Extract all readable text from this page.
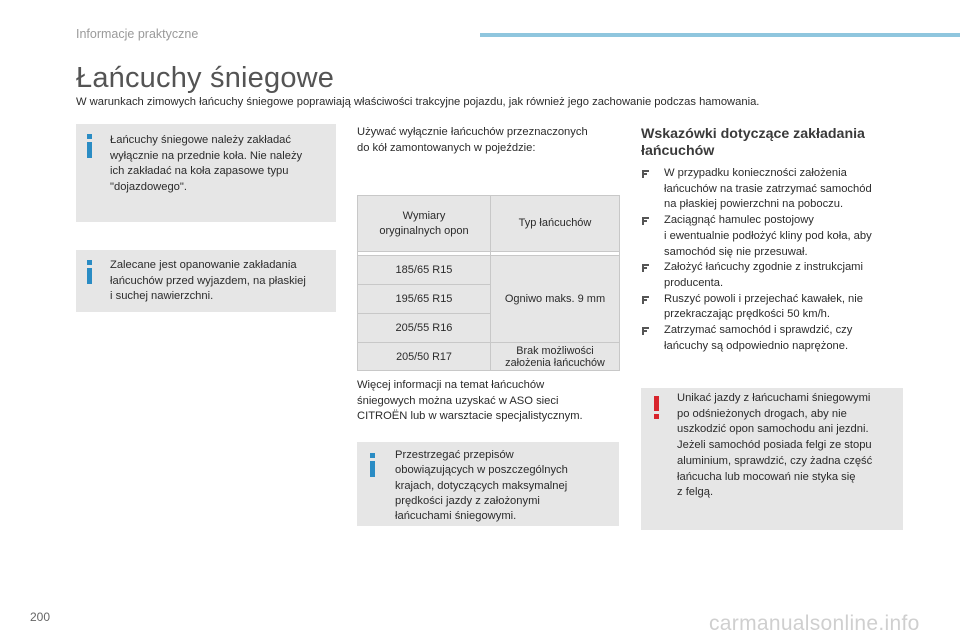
Informacje praktyczne
Łańcuchy śniegowe
W warunkach zimowych łańcuchy śniegowe poprawiają właściwości trakcyjne pojazdu, jak również jego zachowanie podczas hamowania.
Łańcuchy śniegowe należy zakładać
wyłącznie na przednie koła. Nie należy
ich zakładać na koła zapasowe typu
"dojazdowego".
Zalecane jest opanowanie zakładania
łańcuchów przed wyjazdem, na płaskiej
i suchej nawierzchni.
Używać wyłącznie łańcuchów przeznaczonych
do kół zamontowanych w pojeździe:
Wymiary
oryginalnych opon	Typ łańcuchów

185/65 R15	Ogniwo maks. 9 mm
195/65 R15	
205/55 R16	
205/50 R17	Brak możliwości
założenia łańcuchów
Więcej informacji na temat łańcuchów
śniegowych można uzyskać w ASO sieci
CITROËN lub w warsztacie specjalistycznym.
Przestrzegać przepisów
obowiązujących w poszczególnych
krajach, dotyczących maksymalnej
prędkości jazdy z założonymi
łańcuchami śniegowymi.
Wskazówki dotyczące zakładania
łańcuchów
W przypadku konieczności założenia
łańcuchów na trasie zatrzymać samochód
na płaskiej powierzchni na poboczu.
Zaciągnąć hamulec postojowy
i ewentualnie podłożyć kliny pod koła, aby
samochód się nie przesuwał.
Założyć łańcuchy zgodnie z instrukcjami
producenta.
Ruszyć powoli i przejechać kawałek, nie
przekraczając prędkości 50 km/h.
Zatrzymać samochód i sprawdzić, czy
łańcuchy są odpowiednio naprężone.
Unikać jazdy z łańcuchami śniegowymi
po odśnieżonych drogach, aby nie
uszkodzić opon samochodu ani jezdni.
Jeżeli samochód posiada felgi ze stopu
aluminium, sprawdzić, czy żadna część
łańcucha lub mocowań nie styka się
z felgą.
200	carmanualsonline.info
